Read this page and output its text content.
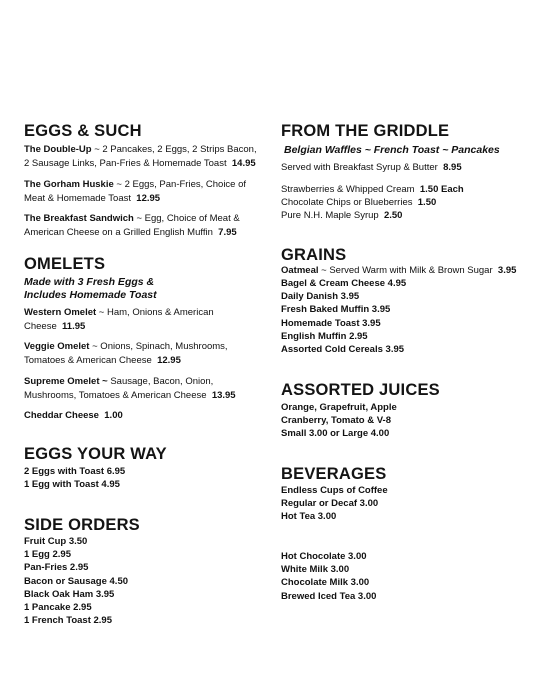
EGGS & SUCH
The Double-Up ~ 2 Pancakes, 2 Eggs, 2 Strips Bacon, 2 Sausage Links, Pan-Fries & Homemade Toast 14.95
The Gorham Huskie ~ 2 Eggs, Pan-Fries, Choice of Meat & Homemade Toast 12.95
The Breakfast Sandwich ~ Egg, Choice of Meat & American Cheese on a Grilled English Muffin 7.95
OMELETS
Made with 3 Fresh Eggs &
Includes Homemade Toast
Western Omelet ~ Ham, Onions & American Cheese 11.95
Veggie Omelet ~ Onions, Spinach, Mushrooms, Tomatoes & American Cheese 12.95
Supreme Omelet ~ Sausage, Bacon, Onion, Mushrooms, Tomatoes & American Cheese 13.95
Cheddar Cheese 1.00
EGGS YOUR WAY
2 Eggs with Toast 6.95
1 Egg with Toast 4.95
SIDE ORDERS
Fruit Cup 3.50
1 Egg 2.95
Pan-Fries 2.95
Bacon or Sausage 4.50
Black Oak Ham 3.95
1 Pancake 2.95
1 French Toast 2.95
FROM THE GRIDDLE
Belgian Waffles ~ French Toast ~ Pancakes
Served with Breakfast Syrup & Butter 8.95
Strawberries & Whipped Cream 1.50 Each
Chocolate Chips or Blueberries 1.50
Pure N.H. Maple Syrup 2.50
GRAINS
Oatmeal ~ Served Warm with Milk & Brown Sugar 3.95
Bagel & Cream Cheese 4.95
Daily Danish 3.95
Fresh Baked Muffin 3.95
Homemade Toast 3.95
English Muffin 2.95
Assorted Cold Cereals 3.95
ASSORTED JUICES
Orange, Grapefruit, Apple
Cranberry, Tomato & V-8
Small 3.00 or Large 4.00
BEVERAGES
Endless Cups of Coffee
Regular or Decaf 3.00
Hot Tea 3.00
Hot Chocolate 3.00
White Milk 3.00
Chocolate Milk 3.00
Brewed Iced Tea 3.00
